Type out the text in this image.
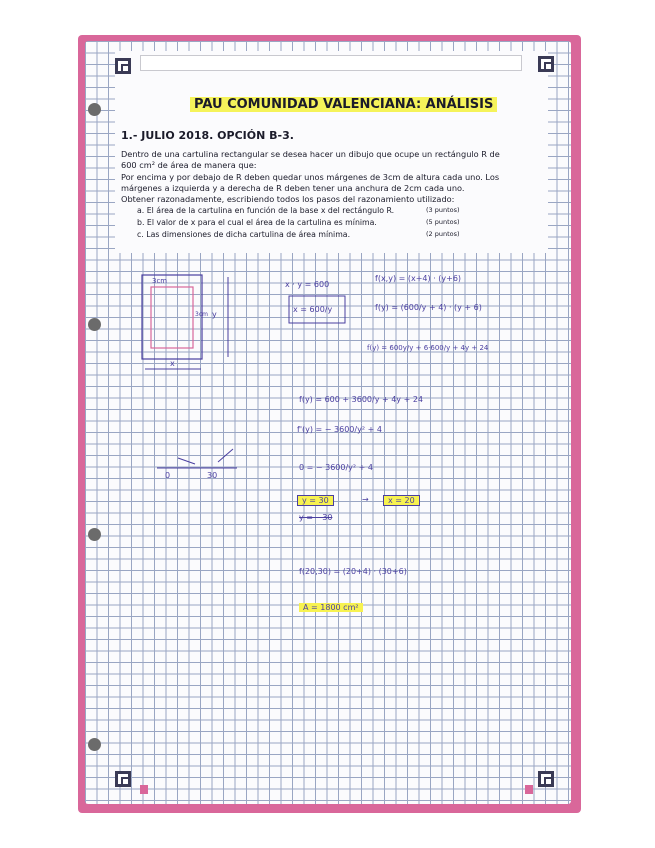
PAU COMUNIDAD VALENCIANA: ANÁLISIS
1.- JULIO 2018. OPCIÓN B-3.
Dentro de una cartulina rectangular se desea hacer un dibujo que ocupe un rectángulo R de
600 cm² de área de manera que:
Por encima y por debajo de R deben quedar unos márgenes de 3cm de altura cada uno. Los
márgenes a izquierda y a derecha de R deben tener una anchura de 2cm cada uno.
Obtener razonadamente, escribiendo todos los pasos del razonamiento utilizado:
a. El área de la cartulina en función de la base x del rectángulo R.	(3 puntos)
b. El valor de x para el cual el área de la cartulina es mínima.	(5 puntos)
c. Las dimensiones de dicha cartulina de área mínima.	(2 puntos)
3cm
3cm y
x
0	30
x · y = 600
x = 600/y
f(x,y) = (x+4) · (y+6)
f(y) = (600/y + 4) · (y + 6)
f(y) = 600y/y + 6·600/y + 4y + 24
f(y) = 600 + 3600/y + 4y + 24
f'(y) = − 3600/y² + 4
0 = − 3600/y² + 4
y = 30	→	x = 20
y = −30
f(20,30) = (20+4) · (30+6)
A = 1800 cm²
